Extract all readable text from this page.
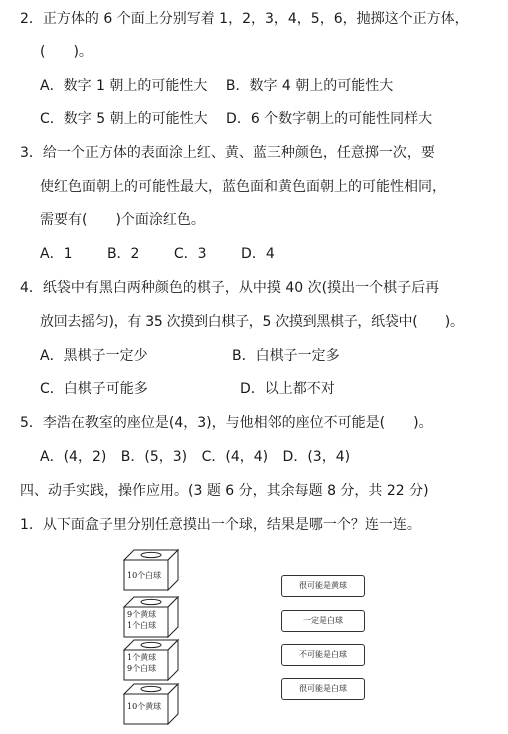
2．正方体的 6 个面上分别写着 1，2，3，4，5，6，抛掷这个正方体，
(　　)。
A．数字 1 朝上的可能性大 B．数字 4 朝上的可能性大
C．数字 5 朝上的可能性大 D．6 个数字朝上的可能性同样大
3．给一个正方体的表面涂上红、黄、蓝三种颜色，任意掷一次，要
使红色面朝上的可能性最大，蓝色面和黄色面朝上的可能性相同，
需要有(　　)个面涂红色。
A．1 B．2 C．3 D．4
4．纸袋中有黑白两种颜色的棋子，从中摸 40 次(摸出一个棋子后再
放回去摇匀)，有 35 次摸到白棋子，5 次摸到黑棋子，纸袋中(　　)。
A．黑棋子一定少	B．白棋子一定多
C．白棋子可能多	D．以上都不对
5．李浩在教室的座位是(4，3)，与他相邻的座位不可能是(　　)。
A．(4，2) B．(5，3) C．(4，4) D．(3，4)
四、动手实践，操作应用。(3 题 6 分，其余每题 8 分，共 22 分)
1．从下面盒子里分别任意摸出一个球，结果是哪一个？连一连。
10个白球
9个黄球
1个白球
1个黄球
9个白球
10个黄球
很可能是黄球
一定是白球
不可能是白球
很可能是白球
